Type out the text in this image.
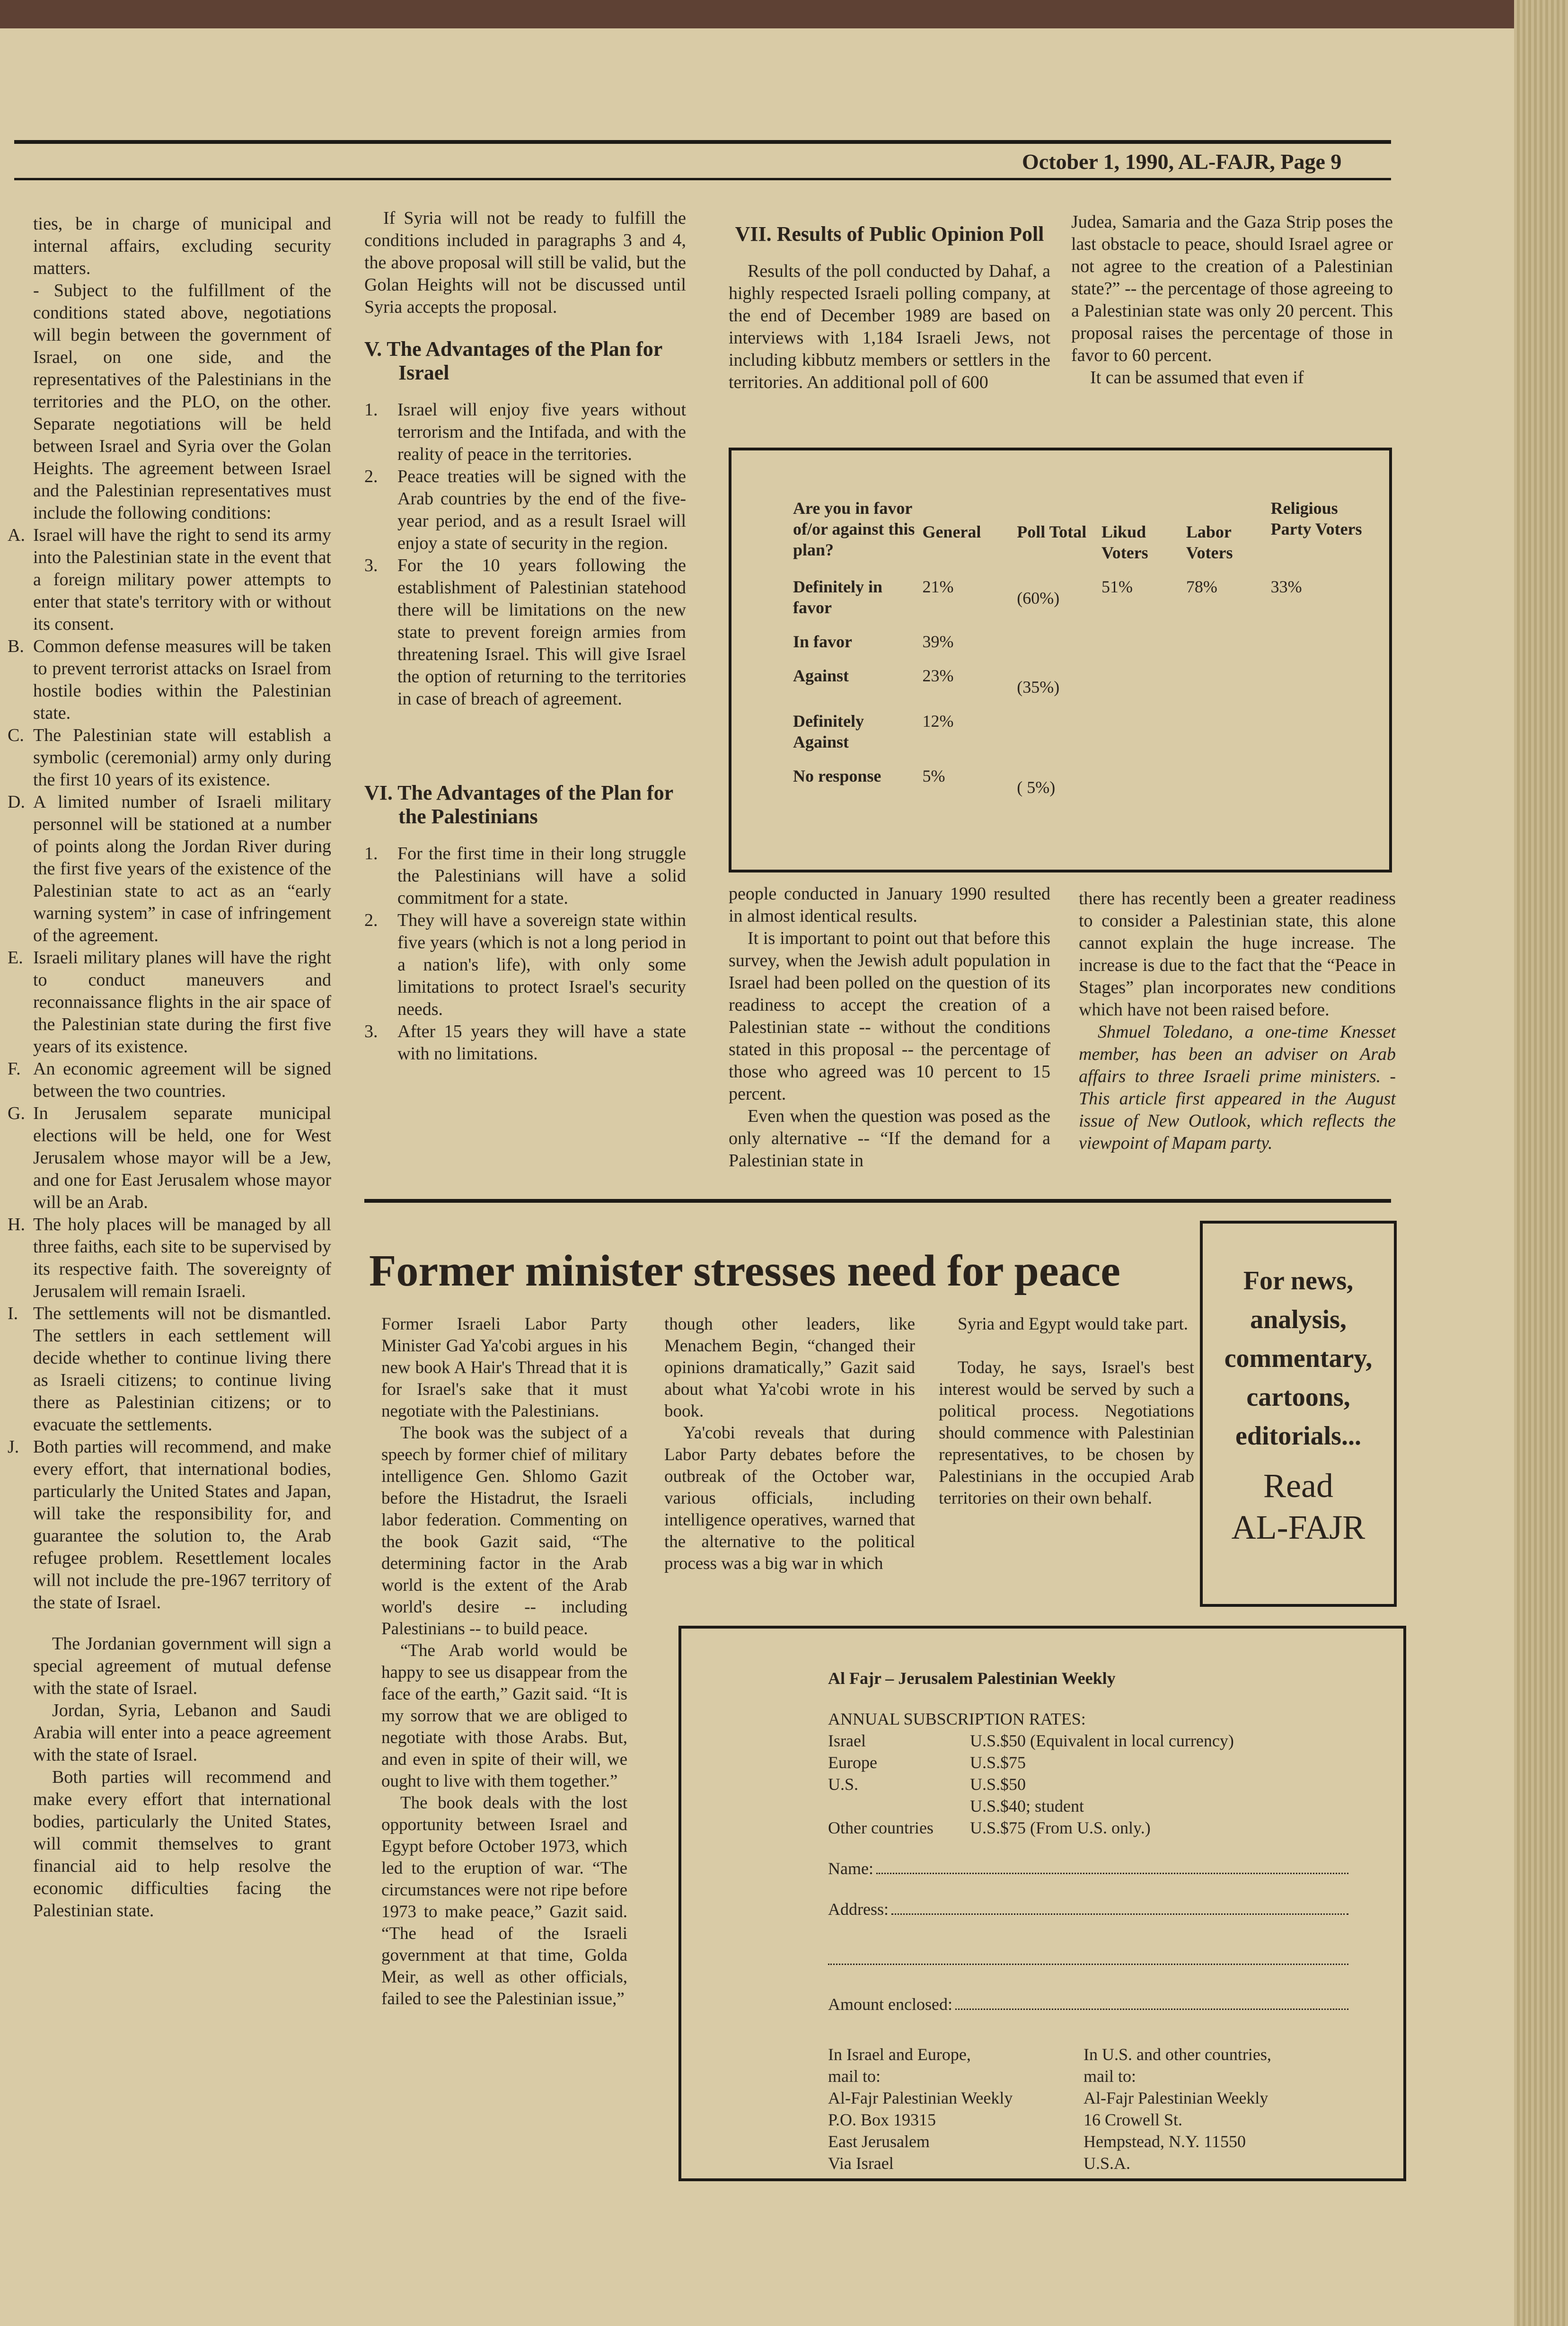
October 1, 1990, AL-FAJR, Page 9

ties, be in charge of municipal and internal affairs, excluding security matters.

- Subject to the fulfillment of the conditions stated above, negotiations will begin between the government of Israel, on one side, and the representatives of the Palestinians in the territories and the PLO, on the other. Separate negotiations will be held between Israel and Syria over the Golan Heights. The agreement between Israel and the Palestinian representatives must include the following conditions:

A. Israel will have the right to send its army into the Palestinian state in the event that a foreign military power attempts to enter that state's territory with or without its consent.

B. Common defense measures will be taken to prevent terrorist attacks on Israel from hostile bodies within the Palestinian state.

C. The Palestinian state will establish a symbolic (ceremonial) army only during the first 10 years of its existence.

D. A limited number of Israeli military personnel will be stationed at a number of points along the Jordan River during the first five years of the existence of the Palestinian state to act as an “early warning system” in case of infringement of the agreement.

E. Israeli military planes will have the right to conduct maneuvers and reconnaissance flights in the air space of the Palestinian state during the first five years of its existence.

F. An economic agreement will be signed between the two countries.

G. In Jerusalem separate municipal elections will be held, one for West Jerusalem whose mayor will be a Jew, and one for East Jerusalem whose mayor will be an Arab.

H. The holy places will be managed by all three faiths, each site to be supervised by its respective faith. The sovereignty of Jerusalem will remain Israeli.

I. The settlements will not be dismantled. The settlers in each settlement will decide whether to continue living there as Israeli citizens; to continue living there as Palestinian citizens; or to evacuate the settlements.

J. Both parties will recommend, and make every effort, that international bodies, particularly the United States and Japan, will take the responsibility for, and guarantee the solution to, the Arab refugee problem. Resettlement locales will not include the pre-1967 territory of the state of Israel.

The Jordanian government will sign a special agreement of mutual defense with the state of Israel.

Jordan, Syria, Lebanon and Saudi Arabia will enter into a peace agreement with the state of Israel.

Both parties will recommend and make every effort that international bodies, particularly the United States, will commit themselves to grant financial aid to help resolve the economic difficulties facing the Palestinian state.

If Syria will not be ready to fulfill the conditions included in paragraphs 3 and 4, the above proposal will still be valid, but the Golan Heights will not be discussed until Syria accepts the proposal.

V. The Advantages of the Plan for Israel
1. Israel will enjoy five years without terrorism and the Intifada, and with the reality of peace in the territories.

2. Peace treaties will be signed with the Arab countries by the end of the five-year period, and as a result Israel will enjoy a state of security in the region.

3. For the 10 years following the establishment of Palestinian statehood there will be limitations on the new state to prevent foreign armies from threatening Israel. This will give Israel the option of returning to the territories in case of breach of agreement.

VI. The Advantages of the Plan for the Palestinians
1. For the first time in their long struggle the Palestinians will have a solid commitment for a state.

2. They will have a sovereign state within five years (which is not a long period in a nation's life), with only some limitations to protect Israel's security needs.

3. After 15 years they will have a state with no limitations.

VII. Results of Public Opinion Poll

Results of the poll conducted by Dahaf, a highly respected Israeli polling company, at the end of December 1989 are based on interviews with 1,184 Israeli Jews, not including kibbutz members or settlers in the territories. An additional poll of 600

Judea, Samaria and the Gaza Strip poses the last obstacle to peace, should Israel agree or not agree to the creation of a Palestinian state?” -- the percentage of those agreeing to a Palestinian state was only 20 percent. This proposal raises the percentage of those in favor to 60 percent.

It can be assumed that even if

Are you in favor of/or against this plan?	General	Poll Total	Likud Voters	Labor Voters	Religious Party Voters
Definitely in favor	21%	(60%)	51%	78%	33%
In favor	39%				
Against	23%	(35%)			
Definitely Against	12%				
No response	5%	( 5%)			

people conducted in January 1990 resulted in almost identical results.

It is important to point out that before this survey, when the Jewish adult population in Israel had been polled on the question of its readiness to accept the creation of a Palestinian state -- without the conditions stated in this proposal -- the percentage of those who agreed was 10 percent to 15 percent.

Even when the question was posed as the only alternative -- “If the demand for a Palestinian state in

there has recently been a greater readiness to consider a Palestinian state, this alone cannot explain the huge increase. The increase is due to the fact that the “Peace in Stages” plan incorporates new conditions which have not been raised before.

Shmuel Toledano, a one-time Knesset member, has been an adviser on Arab affairs to three Israeli prime ministers. - This article first appeared in the August issue of New Outlook, which reflects the viewpoint of Mapam party.

Former minister stresses need for peace

Former Israeli Labor Party Minister Gad Ya'cobi argues in his new book A Hair's Thread that it is for Israel's sake that it must negotiate with the Palestinians.

The book was the subject of a speech by former chief of military intelligence Gen. Shlomo Gazit before the Histadrut, the Israeli labor federation. Commenting on the book Gazit said, “The determining factor in the Arab world is the extent of the Arab world's desire -- including Palestinians -- to build peace.

“The Arab world would be happy to see us disappear from the face of the earth,” Gazit said. “It is my sorrow that we are obliged to negotiate with those Arabs. But, and even in spite of their will, we ought to live with them together.”

The book deals with the lost opportunity between Israel and Egypt before October 1973, which led to the eruption of war. “The circumstances were not ripe before 1973 to make peace,” Gazit said. “The head of the Israeli government at that time, Golda Meir, as well as other officials, failed to see the Palestinian issue,”

though other leaders, like Menachem Begin, “changed their opinions dramatically,” Gazit said about what Ya'cobi wrote in his book.

Ya'cobi reveals that during Labor Party debates before the outbreak of the October war, various officials, including intelligence operatives, warned that the alternative to the political process was a big war in which

Syria and Egypt would take part.

Today, he says, Israel's best interest would be served by such a political process. Negotiations should commence with Palestinian representatives, to be chosen by Palestinians in the occupied Arab territories on their own behalf.

For news,
analysis,
commentary,
cartoons,
editorials...
Read
AL-FAJR
Al Fajr – Jerusalem Palestinian Weekly
ANNUAL SUBSCRIPTION RATES:
Israel	U.S.$50 (Equivalent in local currency)
Europe	U.S.$75
U.S.	U.S.$50
U.S.$40; student
Other countries	U.S.$75 (From U.S. only.)
Name:
Address:
Amount enclosed:
In Israel and Europe,
mail to:
Al-Fajr Palestinian Weekly
P.O. Box 19315
East Jerusalem
Via Israel
In U.S. and other countries,
mail to:
Al-Fajr Palestinian Weekly
16 Crowell St.
Hempstead, N.Y. 11550
U.S.A.
